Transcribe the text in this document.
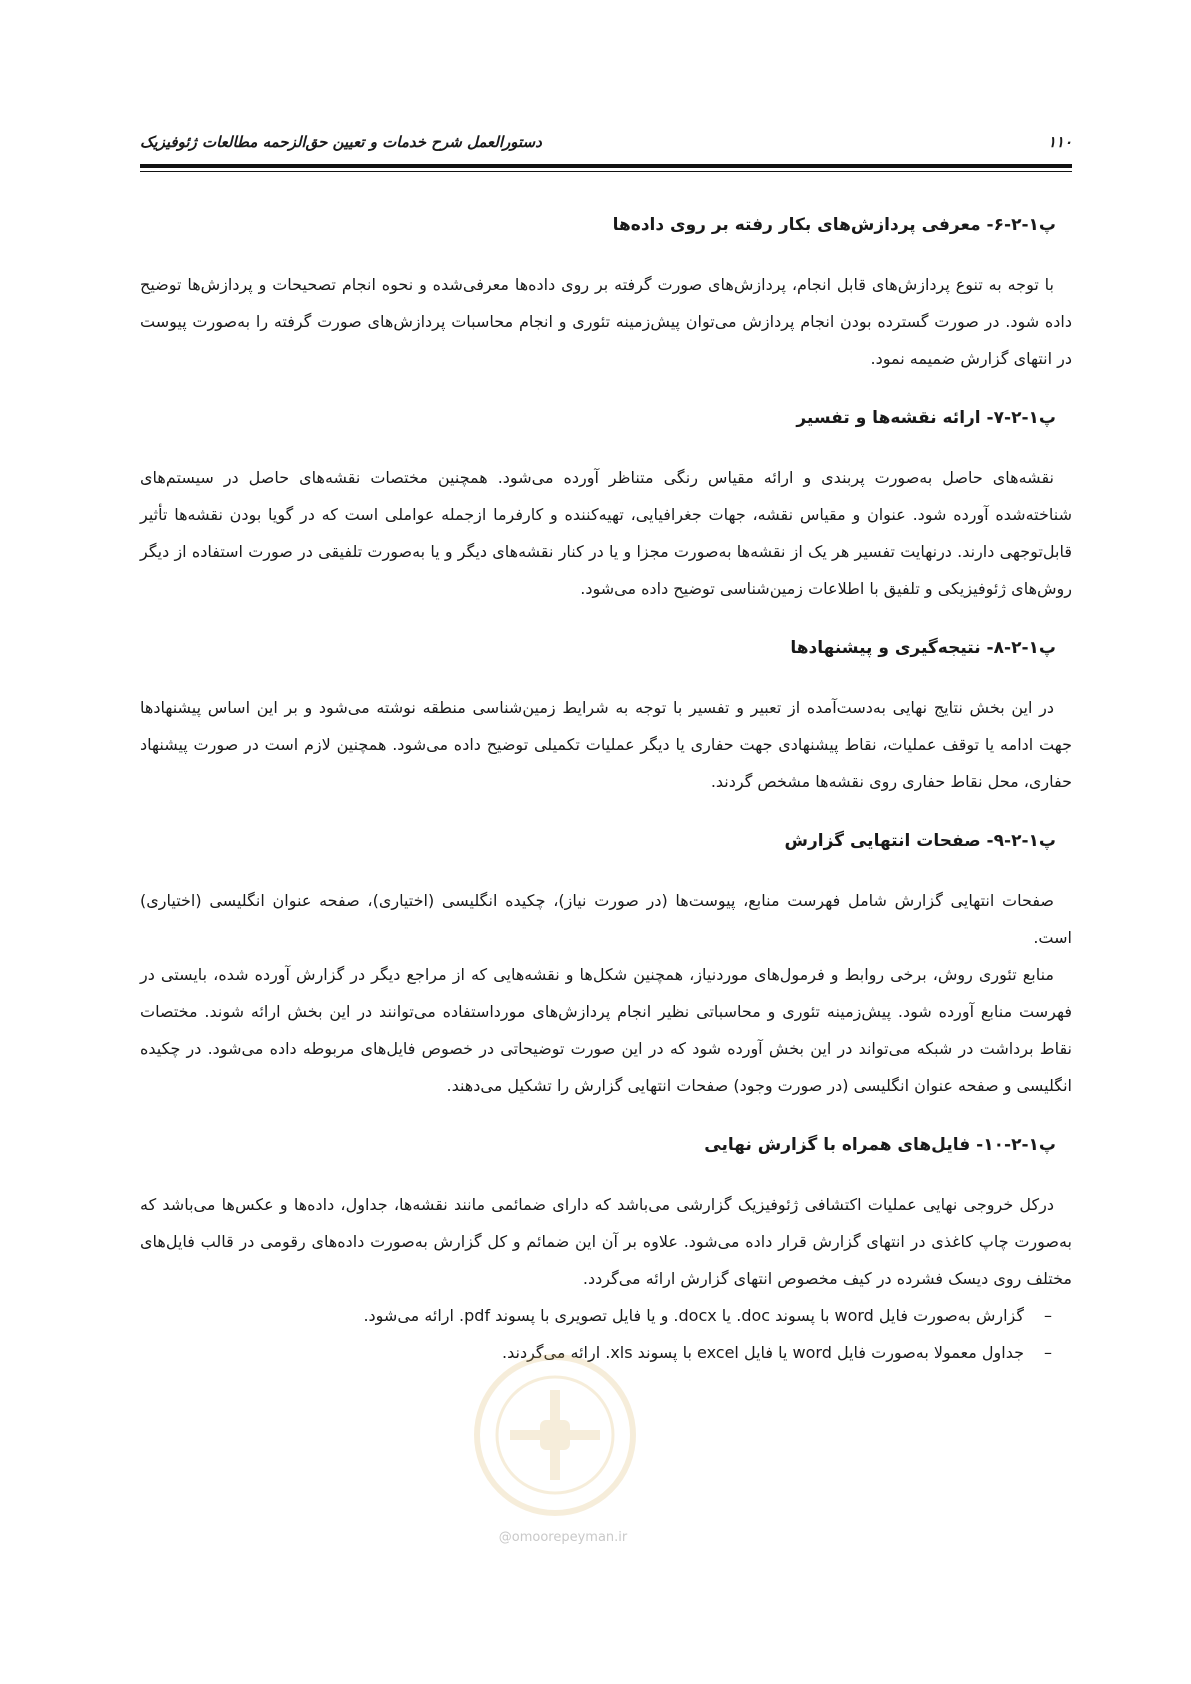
۱۱۰
دستورالعمل شرح خدمات و تعیین حق‌الزحمه مطالعات ژئوفیزیک
پ۱-۲-۶- معرفی پردازش‌های بکار رفته بر روی داده‌ها

با توجه به تنوع پردازش‌های قابل انجام، پردازش‌های صورت گرفته بر روی داده‌ها معرفی‌شده و نحوه انجام تصحیحات و پردازش‌ها توضیح داده شود. در صورت گسترده بودن انجام پردازش می‌توان پیش‌زمینه تئوری و انجام محاسبات پردازش‌های صورت گرفته را به‌صورت پیوست در انتهای گزارش ضمیمه نمود.

پ۱-۲-۷- ارائه نقشه‌ها و تفسیر

نقشه‌های حاصل به‌صورت پربندی و ارائه مقیاس رنگی متناظر آورده می‌شود. همچنین مختصات نقشه‌های حاصل در سیستم‌های شناخته‌شده آورده شود. عنوان و مقیاس نقشه، جهات جغرافیایی، تهیه‌کننده و کارفرما ازجمله عواملی است که در گویا بودن نقشه‌ها تأثیر قابل‌توجهی دارند. درنهایت تفسیر هر یک از نقشه‌ها به‌صورت مجزا و یا در کنار نقشه‌های دیگر و یا به‌صورت تلفیقی در صورت استفاده از دیگر روش‌های ژئوفیزیکی و تلفیق با اطلاعات زمین‌شناسی توضیح داده می‌شود.

پ۱-۲-۸- نتیجه‌گیری و پیشنهادها

در این بخش نتایج نهایی به‌دست‌آمده از تعبیر و تفسیر با توجه به شرایط زمین‌شناسی منطقه نوشته می‌شود و بر این اساس پیشنهادها جهت ادامه یا توقف عملیات، نقاط پیشنهادی جهت حفاری یا دیگر عملیات تکمیلی توضیح داده می‌شود. همچنین لازم است در صورت پیشنهاد حفاری، محل نقاط حفاری روی نقشه‌ها مشخص گردند.

پ۱-۲-۹- صفحات انتهایی گزارش

صفحات انتهایی گزارش شامل فهرست منابع، پیوست‌ها (در صورت نیاز)، چکیده انگلیسی (اختیاری)، صفحه عنوان انگلیسی (اختیاری) است.

منابع تئوری روش، برخی روابط و فرمول‌های موردنیاز، همچنین شکل‌ها و نقشه‌هایی که از مراجع دیگر در گزارش آورده شده، بایستی در فهرست منابع آورده شود. پیش‌زمینه تئوری و محاسباتی نظیر انجام پردازش‌های مورداستفاده می‌توانند در این بخش ارائه شوند. مختصات نقاط برداشت در شبکه می‌تواند در این بخش آورده شود که در این صورت توضیحاتی در خصوص فایل‌های مربوطه داده می‌شود. در چکیده انگلیسی و صفحه عنوان انگلیسی (در صورت وجود) صفحات انتهایی گزارش را تشکیل می‌دهند.

پ۱-۲-۱۰- فایل‌های همراه با گزارش نهایی

درکل خروجی نهایی عملیات اکتشافی ژئوفیزیک گزارشی می‌باشد که دارای ضمائمی مانند نقشه‌ها، جداول، داده‌ها و عکس‌ها می‌باشد که به‌صورت چاپ کاغذی در انتهای گزارش قرار داده می‌شود. علاوه بر آن این ضمائم و کل گزارش به‌صورت داده‌های رقومی در قالب فایل‌های مختلف روی دیسک فشرده در کیف مخصوص انتهای گزارش ارائه می‌گردد.

–گزارش به‌صورت فایل word با پسوند doc. یا docx. و یا فایل تصویری با پسوند pdf. ارائه می‌شود.
–جداول معمولا به‌صورت فایل word یا فایل excel با پسوند xls. ارائه می‌گردند.
@omoorepeyman.ir
